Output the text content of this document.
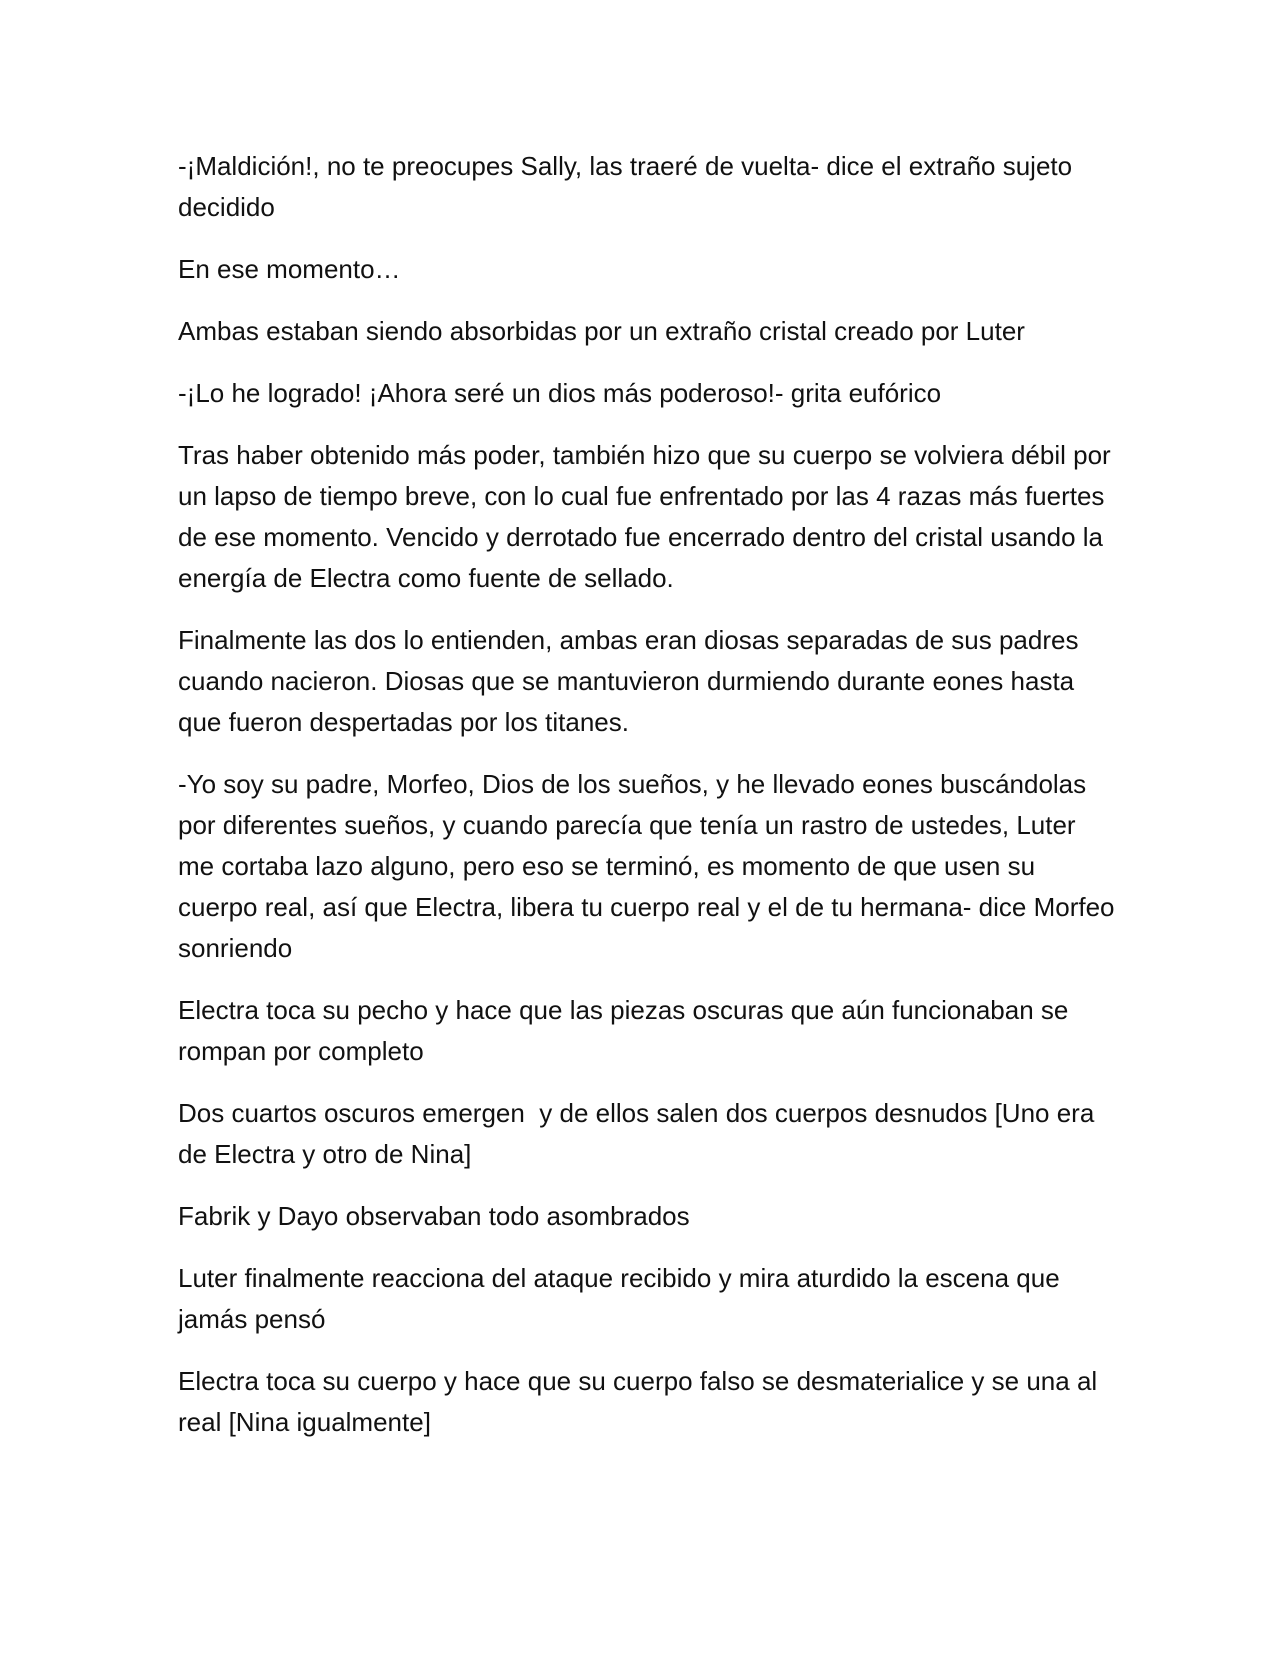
-¡Maldición!, no te preocupes Sally, las traeré de vuelta- dice el extraño sujeto decidido

En ese momento…

Ambas estaban siendo absorbidas por un extraño cristal creado por Luter

-¡Lo he logrado! ¡Ahora seré un dios más poderoso!- grita eufórico

Tras haber obtenido más poder, también hizo que su cuerpo se volviera débil por un lapso de tiempo breve, con lo cual fue enfrentado por las 4 razas más fuertes de ese momento. Vencido y derrotado fue encerrado dentro del cristal usando la energía de Electra como fuente de sellado.

Finalmente las dos lo entienden, ambas eran diosas separadas de sus padres cuando nacieron. Diosas que se mantuvieron durmiendo durante eones hasta que fueron despertadas por los titanes.

-Yo soy su padre, Morfeo, Dios de los sueños, y he llevado eones buscándolas por diferentes sueños, y cuando parecía que tenía un rastro de ustedes, Luter me cortaba lazo alguno, pero eso se terminó, es momento de que usen su cuerpo real, así que Electra, libera tu cuerpo real y el de tu hermana- dice Morfeo sonriendo

Electra toca su pecho y hace que las piezas oscuras que aún funcionaban se rompan por completo

Dos cuartos oscuros emergen  y de ellos salen dos cuerpos desnudos [Uno era de Electra y otro de Nina]

Fabrik y Dayo observaban todo asombrados

Luter finalmente reacciona del ataque recibido y mira aturdido la escena que jamás pensó

Electra toca su cuerpo y hace que su cuerpo falso se desmaterialice y se una al real [Nina igualmente]
